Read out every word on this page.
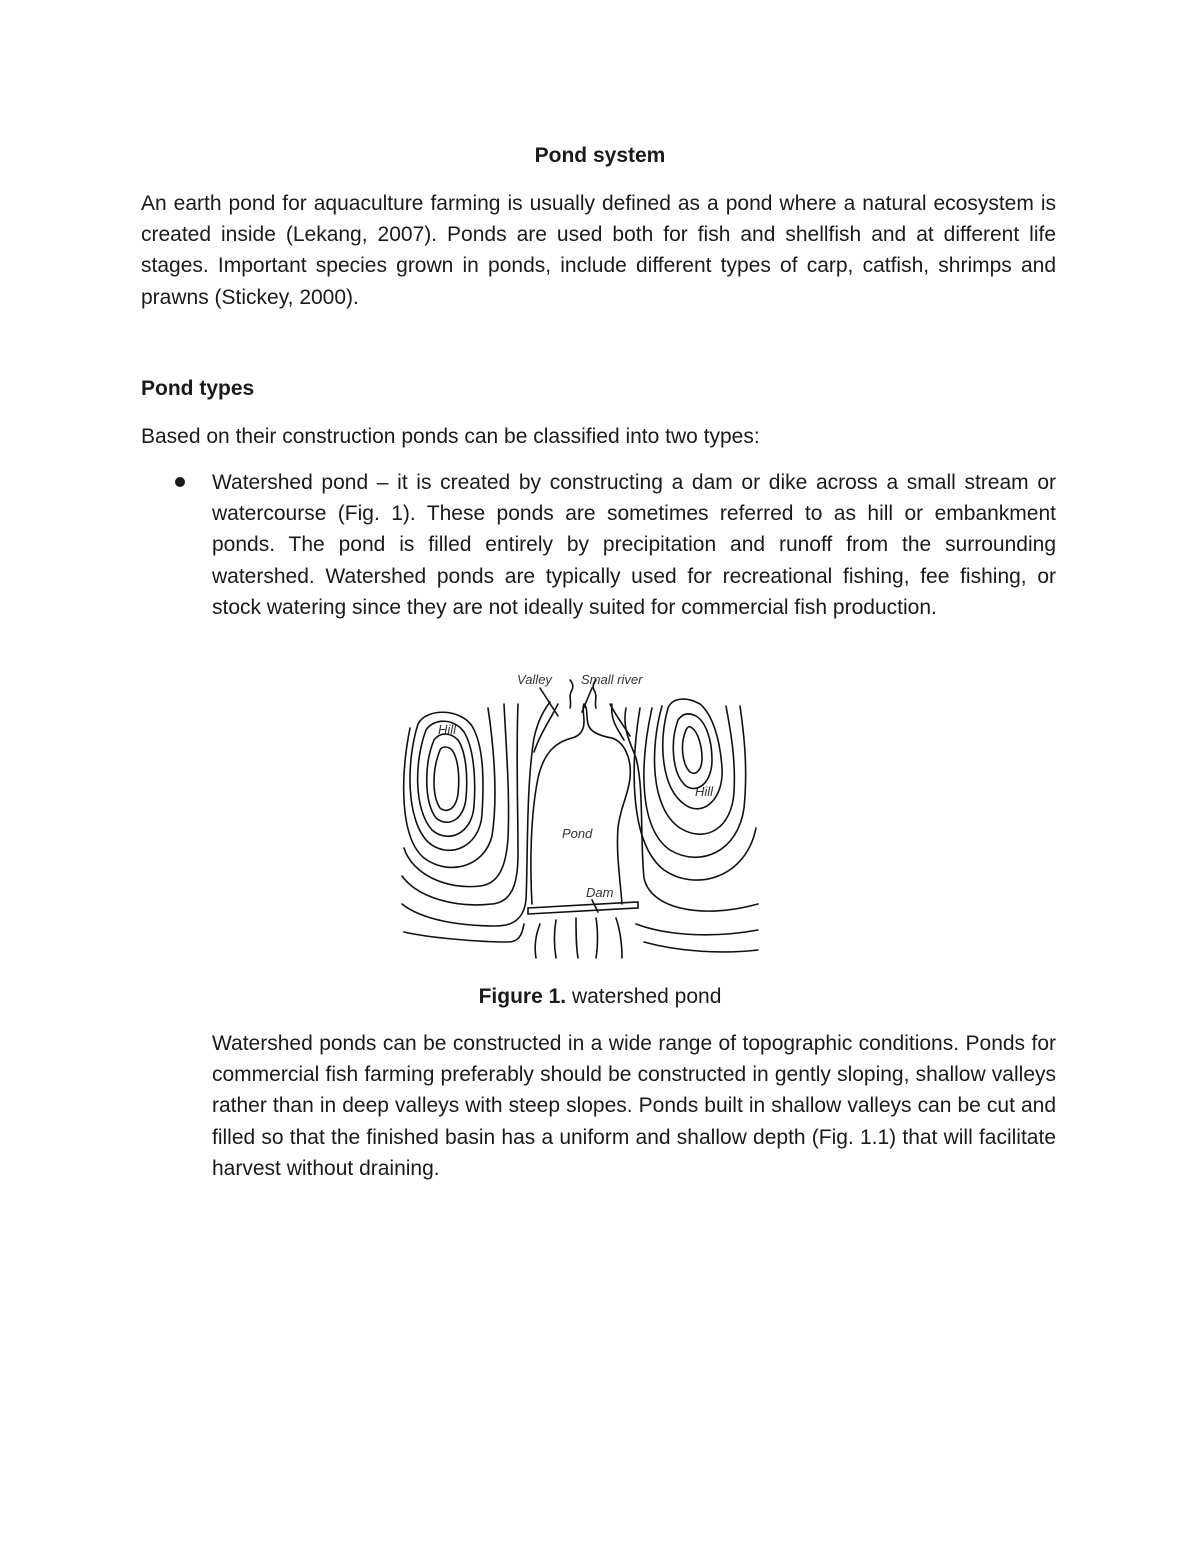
Pond system

An earth pond for aquaculture farming is usually defined as a pond where a natural ecosystem is created inside (Lekang, 2007). Ponds are used both for fish and shellfish and at different life stages. Important species grown in ponds, include different types of carp, catfish, shrimps and prawns (Stickey, 2000).

Pond types

Based on their construction ponds can be classified into two types:

Watershed pond – it is created by constructing a dam or dike across a small stream or watercourse (Fig. 1). These ponds are sometimes referred to as hill or embankment ponds. The pond is filled entirely by precipitation and runoff from the surrounding watershed. Watershed ponds are typically used for recreational fishing, fee fishing, or stock watering since they are not ideally suited for commercial fish production.
Valley Small river
Hill
Hill
Pond
Dam

Figure 1. watershed pond

Watershed ponds can be constructed in a wide range of topographic conditions. Ponds for commercial fish farming preferably should be constructed in gently sloping, shallow valleys rather than in deep valleys with steep slopes. Ponds built in shallow valleys can be cut and filled so that the finished basin has a uniform and shallow depth (Fig. 1.1) that will facilitate harvest without draining.
